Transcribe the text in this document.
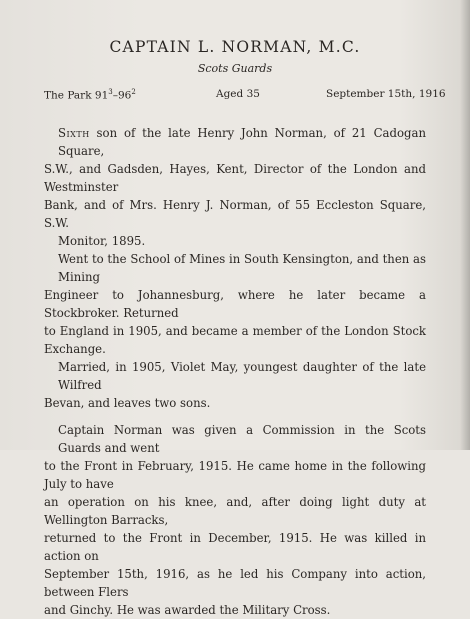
CAPTAIN L. NORMAN, M.C.
Scots Guards
The Park $91^3-96^2$	Aged 35	September 15th, 1916

Sixth son of the late Henry John Norman, of 21 Cadogan Square,
S.W., and Gadsden, Hayes, Kent, Director of the London and Westminster
Bank, and of Mrs. Henry J. Norman, of 55 Eccleston Square, S.W.

Monitor, 1895.

Went to the School of Mines in South Kensington, and then as Mining
Engineer to Johannesburg, where he later became a Stockbroker. Returned
to England in 1905, and became a member of the London Stock Exchange.

Married, in 1905, Violet May, youngest daughter of the late Wilfred
Bevan, and leaves two sons.

Captain Norman was given a Commission in the Scots Guards and went
to the Front in February, 1915. He came home in the following July to have
an operation on his knee, and, after doing light duty at Wellington Barracks,
returned to the Front in December, 1915. He was killed in action on
September 15th, 1916, as he led his Company into action, between Flers
and Ginchy. He was awarded the Military Cross.
